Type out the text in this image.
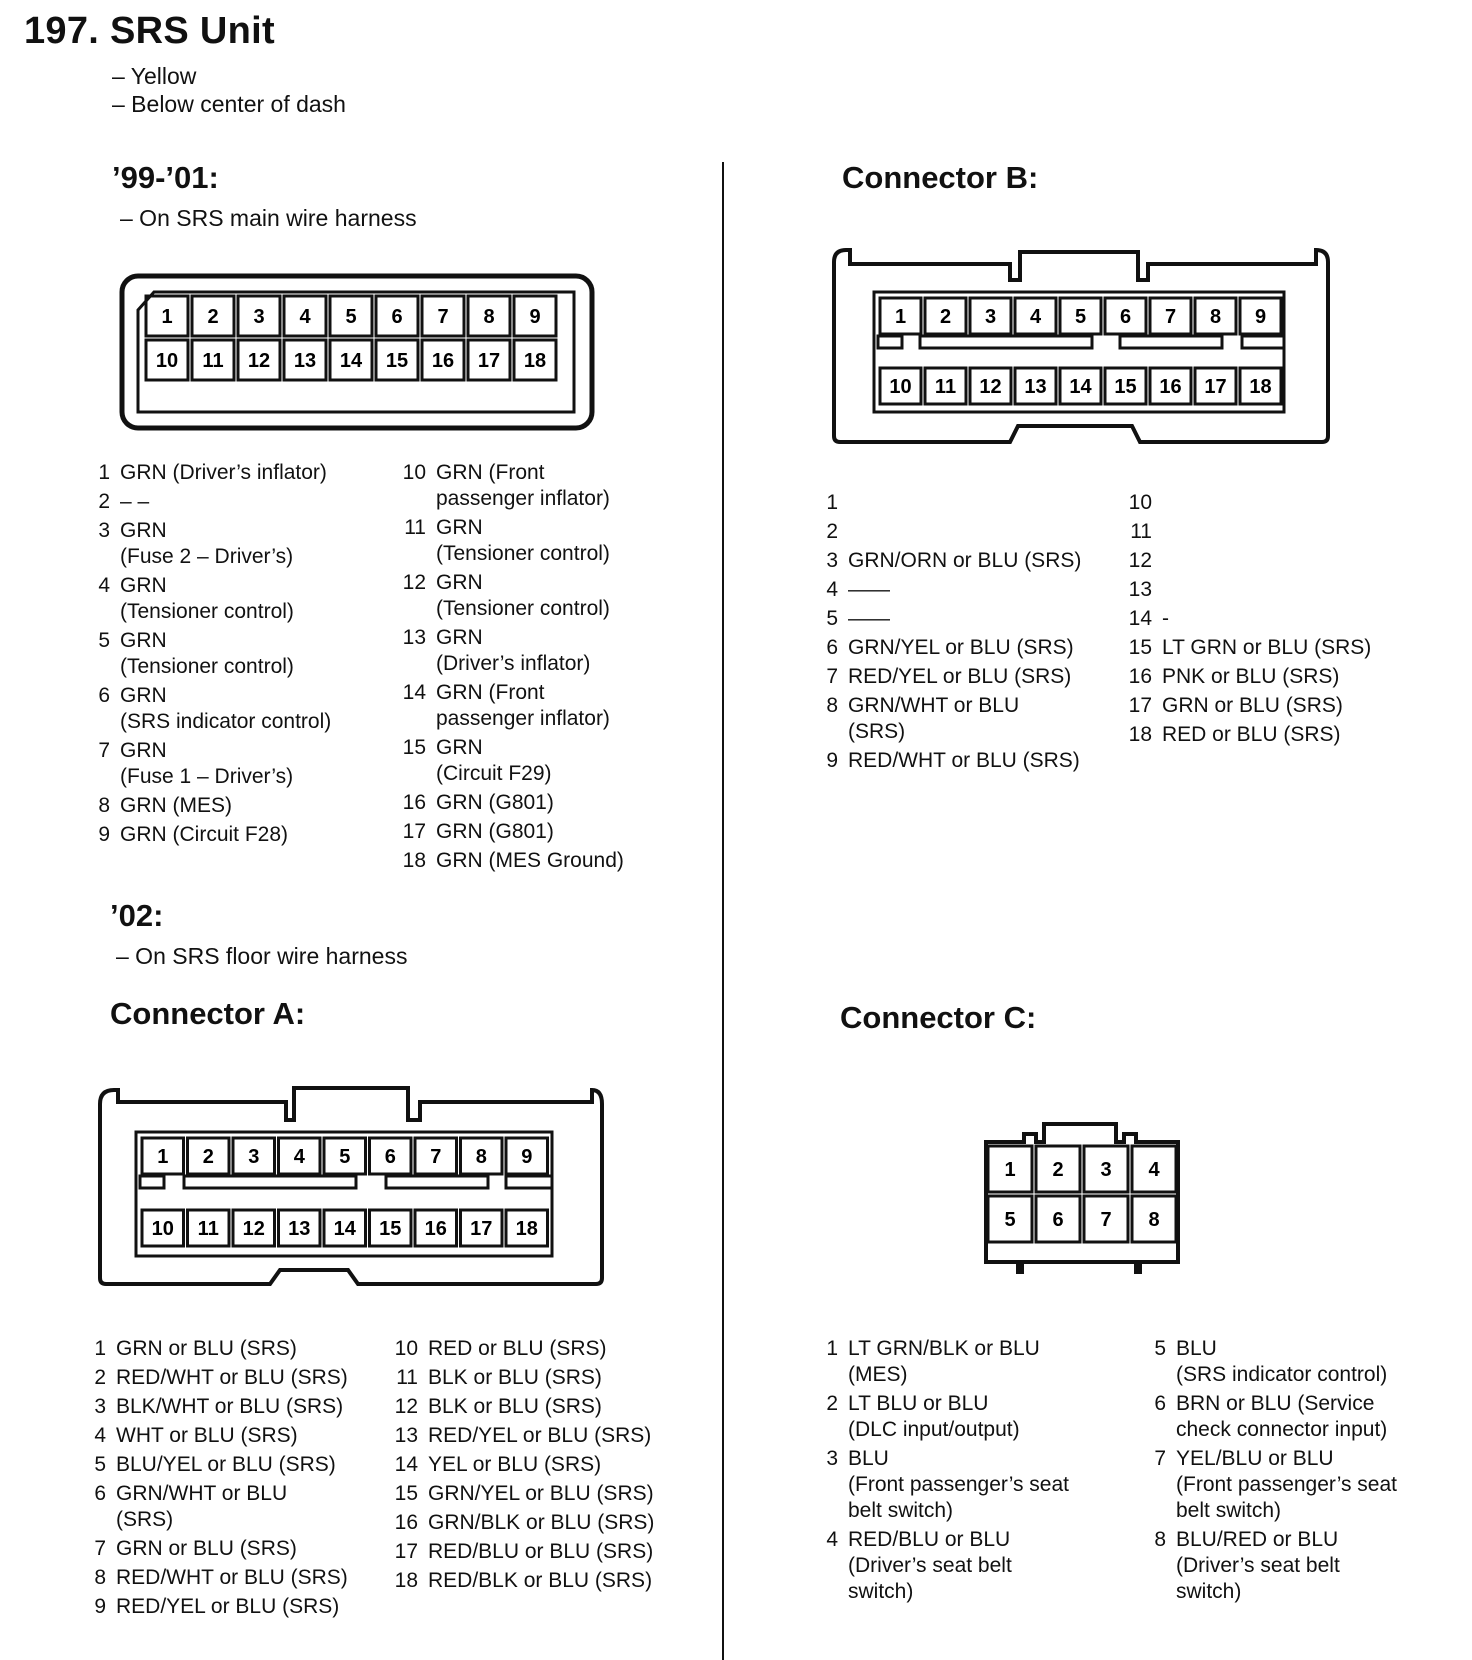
197. SRS Unit
– Yellow
– Below center of dash
’99-’01:
– On SRS main wire harness
1 2 3 4 5 6 7 8 9
10 11 12 13 14 15 16 17 18
1 GRN (Driver’s inflator)
2 – –
3 GRN
(Fuse 2 – Driver’s)
4 GRN
(Tensioner control)
5 GRN
(Tensioner control)
6 GRN
(SRS indicator control)
7 GRN
(Fuse 1 – Driver’s)
8 GRN (MES)
9 GRN (Circuit F28)
10 GRN (Front
passenger inflator)
11 GRN
(Tensioner control)
12 GRN
(Tensioner control)
13 GRN
(Driver’s inflator)
14 GRN (Front
passenger inflator)
15 GRN
(Circuit F29)
16 GRN (G801)
17 GRN (G801)
18 GRN (MES Ground)
’02:
– On SRS floor wire harness
Connector A:
1 2 3 4 5 6 7 8 9
10 11 12 13 14 15 16 17 18
1 GRN or BLU (SRS)
2 RED/WHT or BLU (SRS)
3 BLK/WHT or BLU (SRS)
4 WHT or BLU (SRS)
5 BLU/YEL or BLU (SRS)
6 GRN/WHT or BLU
(SRS)
7 GRN or BLU (SRS)
8 RED/WHT or BLU (SRS)
9 RED/YEL or BLU (SRS)
10 RED or BLU (SRS)
11 BLK or BLU (SRS)
12 BLK or BLU (SRS)
13 RED/YEL or BLU (SRS)
14 YEL or BLU (SRS)
15 GRN/YEL or BLU (SRS)
16 GRN/BLK or BLU (SRS)
17 RED/BLU or BLU (SRS)
18 RED/BLK or BLU (SRS)
Connector B:
1 2 3 4 5 6 7 8 9
10 11 12 13 14 15 16 17 18
1

2

3 GRN/ORN or BLU (SRS)
4 ——
5 ——
6 GRN/YEL or BLU (SRS)
7 RED/YEL or BLU (SRS)
8 GRN/WHT or BLU
(SRS)
9 RED/WHT or BLU (SRS)
10

11

12

13

14 -
15 LT GRN or BLU (SRS)
16 PNK or BLU (SRS)
17 GRN or BLU (SRS)
18 RED or BLU (SRS)
Connector C:
1 2 3 4
5 6 7 8
1 LT GRN/BLK or BLU
(MES)
2 LT BLU or BLU
(DLC input/output)
3 BLU
(Front passenger’s seat
belt switch)
4 RED/BLU or BLU
(Driver’s seat belt
switch)
5 BLU
(SRS indicator control)
6 BRN or BLU (Service
check connector input)
7 YEL/BLU or BLU
(Front passenger’s seat
belt switch)
8 BLU/RED or BLU
(Driver’s seat belt
switch)
